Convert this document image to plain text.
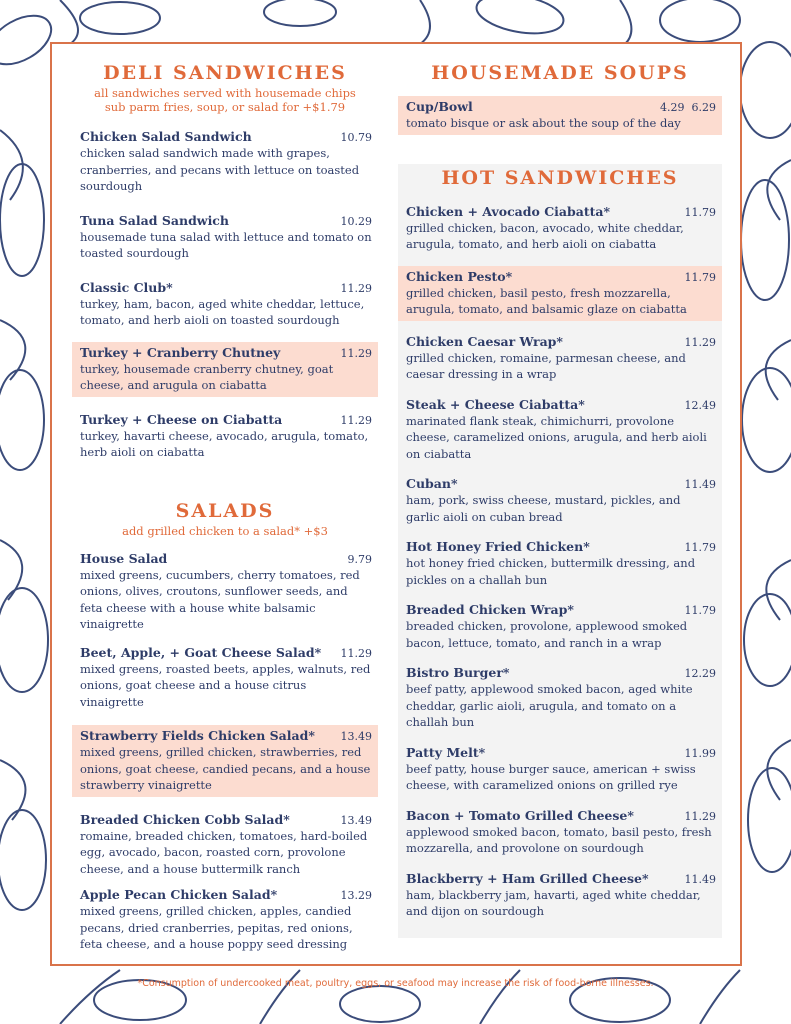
DELI SANDWICHES
all sandwiches served with housemade chips
sub parm fries, soup, or salad for +$1.79
Chicken Salad Sandwich	10.79
chicken salad sandwich made with grapes, cranberries, and pecans with lettuce on toasted sourdough
Tuna Salad Sandwich	10.29
housemade tuna salad with lettuce and tomato on toasted sourdough
Classic Club*	11.29
turkey, ham, bacon, aged white cheddar, lettuce, tomato, and herb aioli on toasted sourdough
Turkey + Cranberry Chutney	11.29
turkey, housemade cranberry chutney, goat cheese, and arugula on ciabatta
Turkey + Cheese on Ciabatta	11.29
turkey, havarti cheese, avocado, arugula, tomato, herb aioli on ciabatta
SALADS
add grilled chicken to a salad* +$3
House Salad	9.79
mixed greens, cucumbers, cherry tomatoes, red onions, olives, croutons, sunflower seeds, and feta cheese with a house white balsamic vinaigrette
Beet, Apple, + Goat Cheese Salad*	11.29
mixed greens, roasted beets, apples, walnuts, red onions, goat cheese and a house citrus vinaigrette
Strawberry Fields Chicken Salad*	13.49
mixed greens, grilled chicken, strawberries, red onions, goat cheese, candied pecans, and a house strawberry vinaigrette
Breaded Chicken Cobb Salad*	13.49
romaine, breaded chicken, tomatoes, hard-boiled egg, avocado, bacon, roasted corn, provolone cheese, and a house buttermilk ranch
Apple Pecan Chicken Salad*	13.29
mixed greens, grilled chicken, apples, candied pecans, dried cranberries, pepitas, red onions, feta cheese, and a house poppy seed dressing
HOUSEMADE SOUPS
Cup/Bowl	4.29  6.29
tomato bisque or ask about the soup of the day
HOT SANDWICHES
Chicken + Avocado Ciabatta*	11.79
grilled chicken, bacon, avocado, white cheddar, arugula, tomato, and herb aioli on ciabatta
Chicken Pesto*	11.79
grilled chicken, basil pesto, fresh mozzarella, arugula, tomato, and balsamic glaze on ciabatta
Chicken Caesar Wrap*	11.29
grilled chicken, romaine, parmesan cheese, and caesar dressing in a wrap
Steak + Cheese Ciabatta*	12.49
marinated flank steak, chimichurri, provolone cheese, caramelized onions, arugula, and herb aioli on ciabatta
Cuban*	11.49
ham, pork, swiss cheese, mustard, pickles, and garlic aioli on cuban bread
Hot Honey Fried Chicken*	11.79
hot honey fried chicken, buttermilk dressing, and pickles on a challah bun
Breaded Chicken Wrap*	11.79
breaded chicken, provolone, applewood smoked bacon, lettuce, tomato, and ranch in a wrap
Bistro Burger*	12.29
beef patty, applewood smoked bacon, aged white cheddar, garlic aioli, arugula, and tomato on a challah bun
Patty Melt*	11.99
beef patty, house burger sauce, american + swiss cheese, with caramelized onions on grilled rye
Bacon + Tomato Grilled Cheese*	11.29
applewood smoked bacon, tomato, basil pesto, fresh mozzarella, and provolone on sourdough
Blackberry + Ham Grilled Cheese*	11.49
ham, blackberry jam, havarti, aged white cheddar, and dijon on sourdough
*Consumption of undercooked meat, poultry, eggs, or seafood may increase the risk of food-borne illnesses.
